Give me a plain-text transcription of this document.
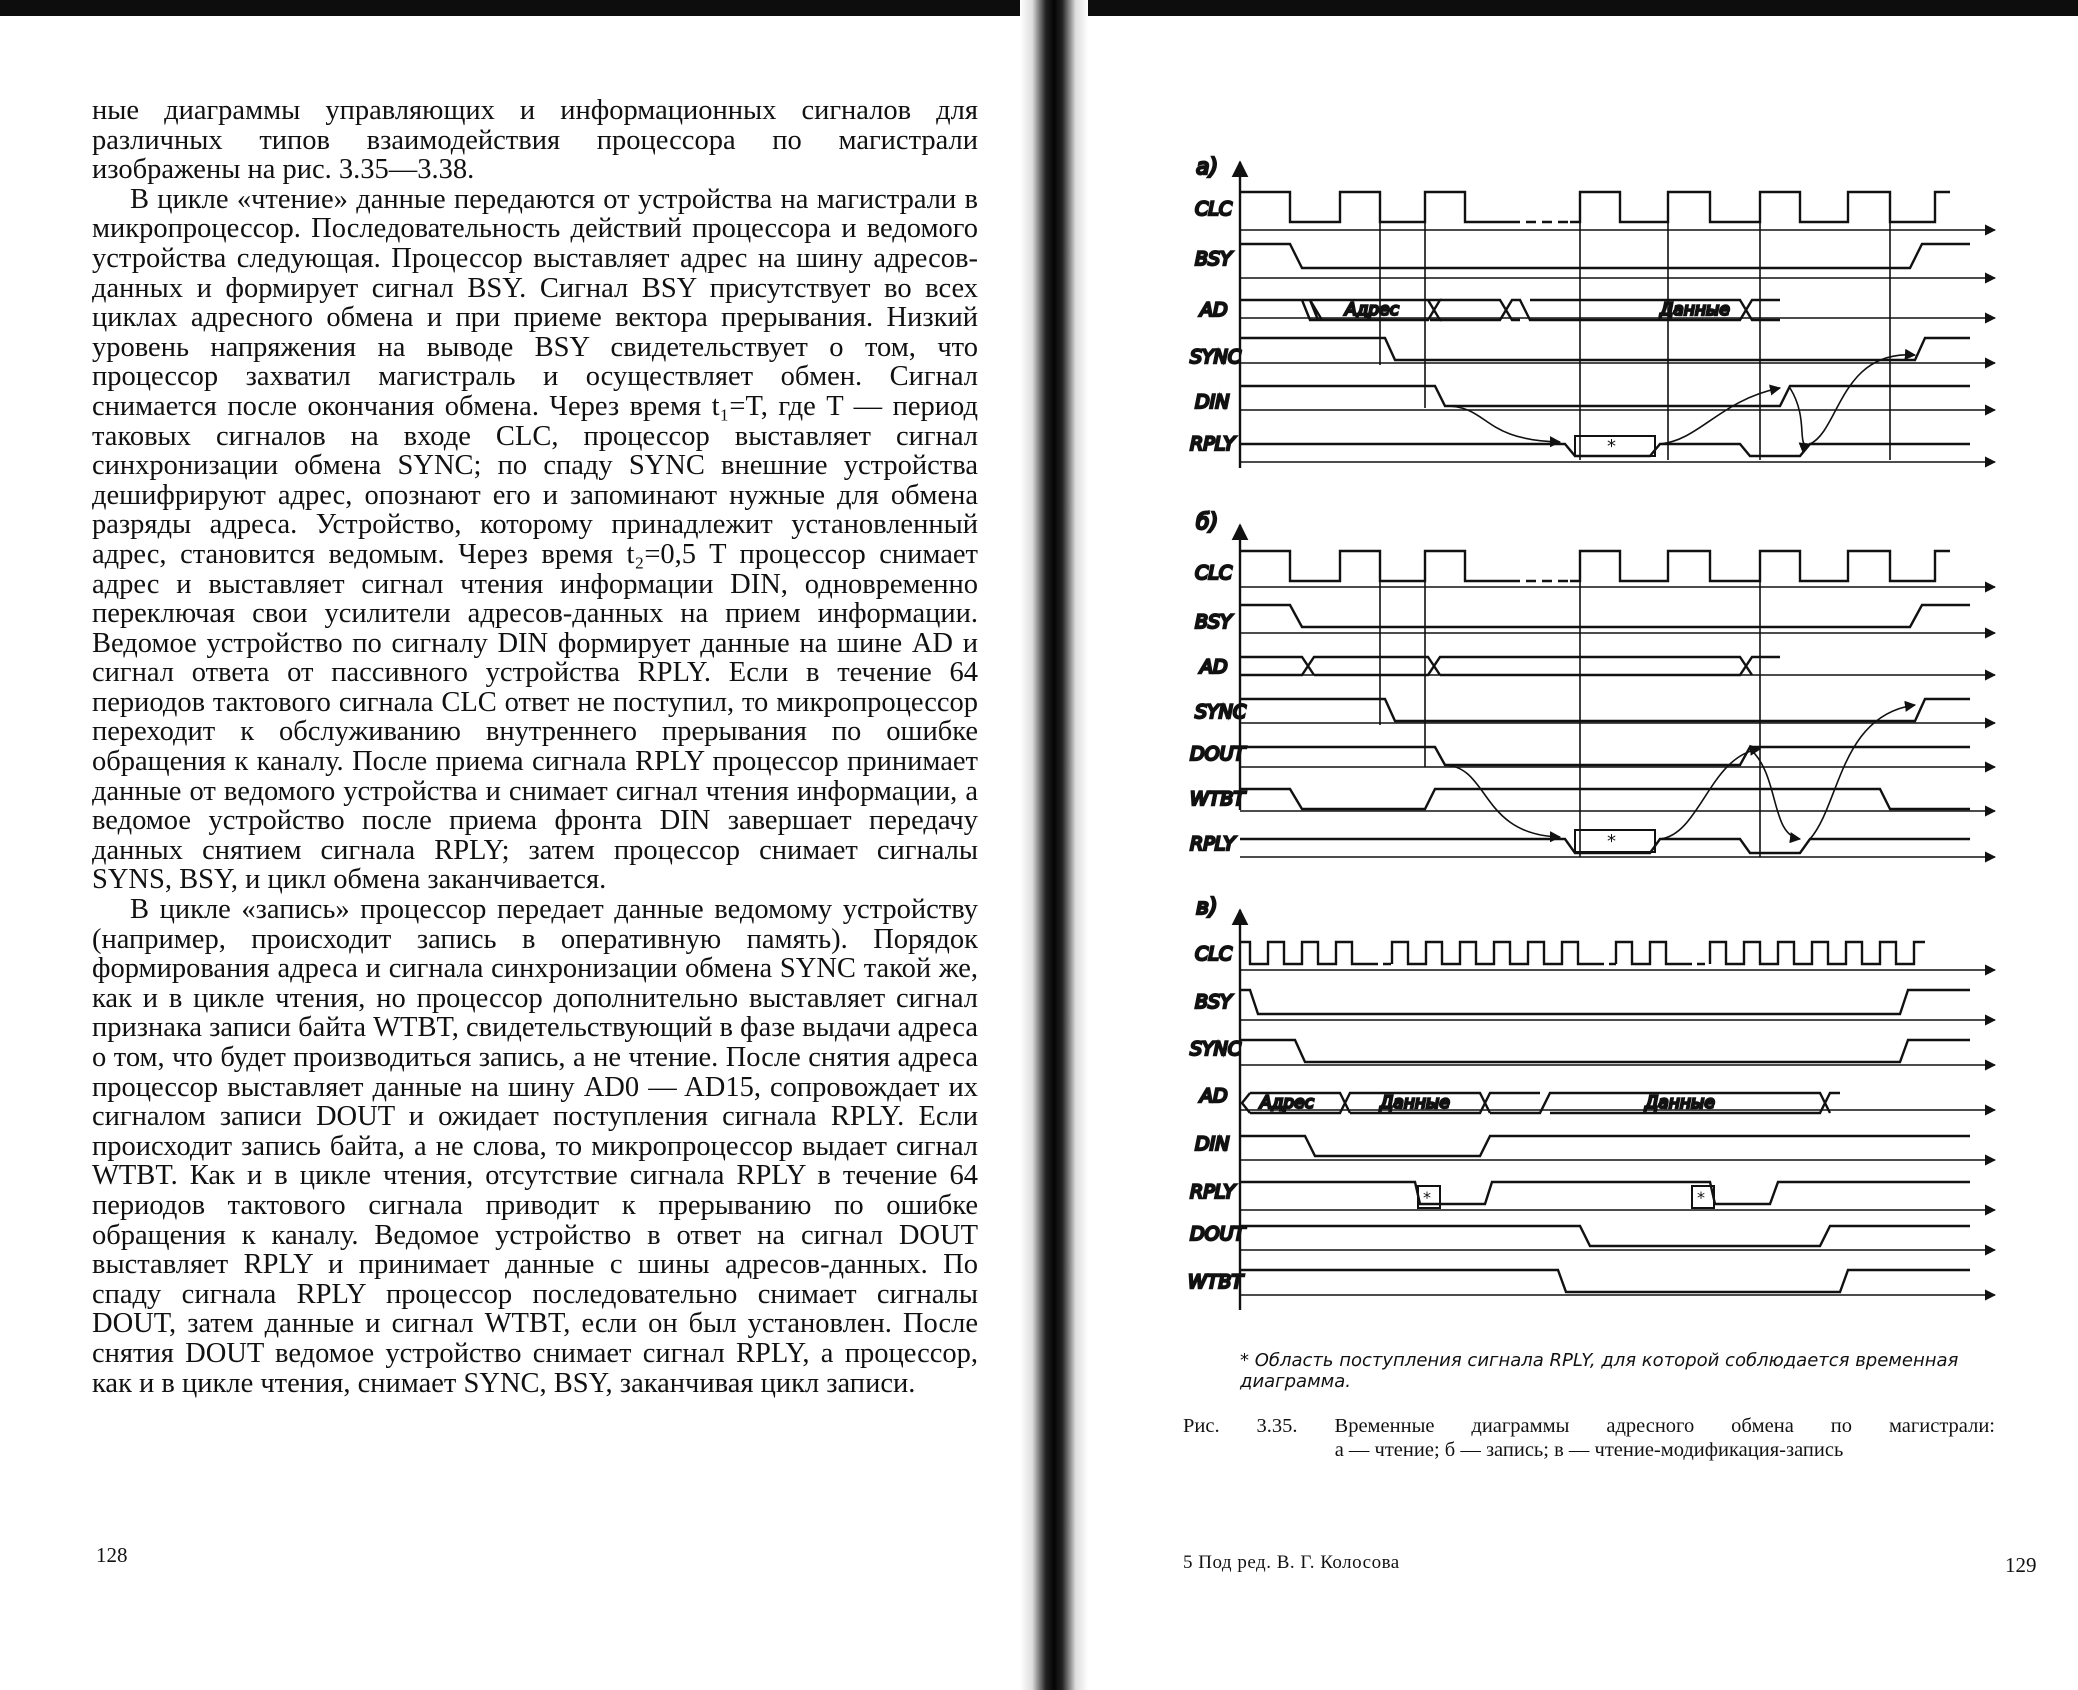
ные диаграммы управляющих и информационных сигналов для различных типов взаимодействия процессора по магистрали изображены на рис. 3.35—3.38.

В цикле «чтение» данные передаются от устройства на магистрали в микропроцессор. Последовательность действий процессора и ведомого устройства следующая. Процессор выставляет адрес на шину адресов-данных и формирует сигнал BSY. Сигнал BSY присутствует во всех циклах адресного обмена и при приеме вектора прерывания. Низкий уровень напряжения на выводе BSY свидетельствует о том, что процессор захватил магистраль и осуществляет обмен. Сигнал снимается после окончания обмена. Через время t₁=T, где T — период таковых сигналов на входе CLC, процессор выставляет сигнал синхронизации обмена SYNC; по спаду SYNC внешние устройства дешифрируют адрес, опознают его и запоминают нужные для обмена разряды адреса. Устройство, которому принадлежит установленный адрес, становится ведомым. Через время t₂=0,5 T процессор снимает адрес и выставляет сигнал чтения информации DIN, одновременно переключая свои усилители адресов-данных на прием информации. Ведомое устройство по сигналу DIN формирует данные на шине AD и сигнал ответа от пассивного устройства RPLY. Если в течение 64 периодов тактового сигнала CLC ответ не поступил, то микропроцессор переходит к обслуживанию внутреннего прерывания по ошибке обращения к каналу. После приема сигнала RPLY процессор принимает данные от ведомого устройства и снимает сигнал чтения информации, а ведомое устройство после приема фронта DIN завершает передачу данных снятием сигнала RPLY; затем процессор снимает сигналы SYNS, BSY, и цикл обмена заканчивается.

В цикле «запись» процессор передает данные ведомому устройству (например, происходит запись в оперативную память). Порядок формирования адреса и сигнала синхронизации обмена SYNC такой же, как и в цикле чтения, но процессор дополнительно выставляет сигнал признака записи байта WTBT, свидетельствующий в фазе выдачи адреса о том, что будет производиться запись, а не чтение. После снятия адреса процессор выставляет данные на шину AD0 — AD15, сопровождает их сигналом записи DOUT и ожидает поступления сигнала RPLY. Если происходит запись байта, а не слова, то микропроцессор выдает сигнал WTBT. Как и в цикле чтения, отсутствие сигнала RPLY в течение 64 периодов тактового сигнала приводит к прерыванию по ошибке обращения к каналу. Ведомое устройство в ответ на сигнал DOUT выставляет RPLY и принимает данные с шины адресов-данных. По спаду сигнала RPLY процессор последовательно снимает сигналы DOUT, затем данные и сигнал WTBT, если он был установлен. После снятия DOUT ведомое устройство снимает сигнал RPLY, а процессор, как и в цикле чтения, снимает SYNC, BSY, заканчивая цикл записи.

128
а)
CLC
BSY
AD
SYNC
DIN
RPLY
Адрес	Данные
*
б)
CLC
BSY
AD
SYNC
DOUT
WTBT
RPLY	*
в)
CLC
BSY
SYNC
AD
DIN
RPLY
DOUT
WTBT
Адрес	Данные	Данные
*	*
* Область поступления сигнала RPLY, для которой соблюдается временная диаграмма.
Рис. 3.35. Временные диаграммы адресного обмена по магистрали:
а — чтение; б — запись; в — чтение-модификация-запись
5 Под ред. В. Г. Колосова	129
